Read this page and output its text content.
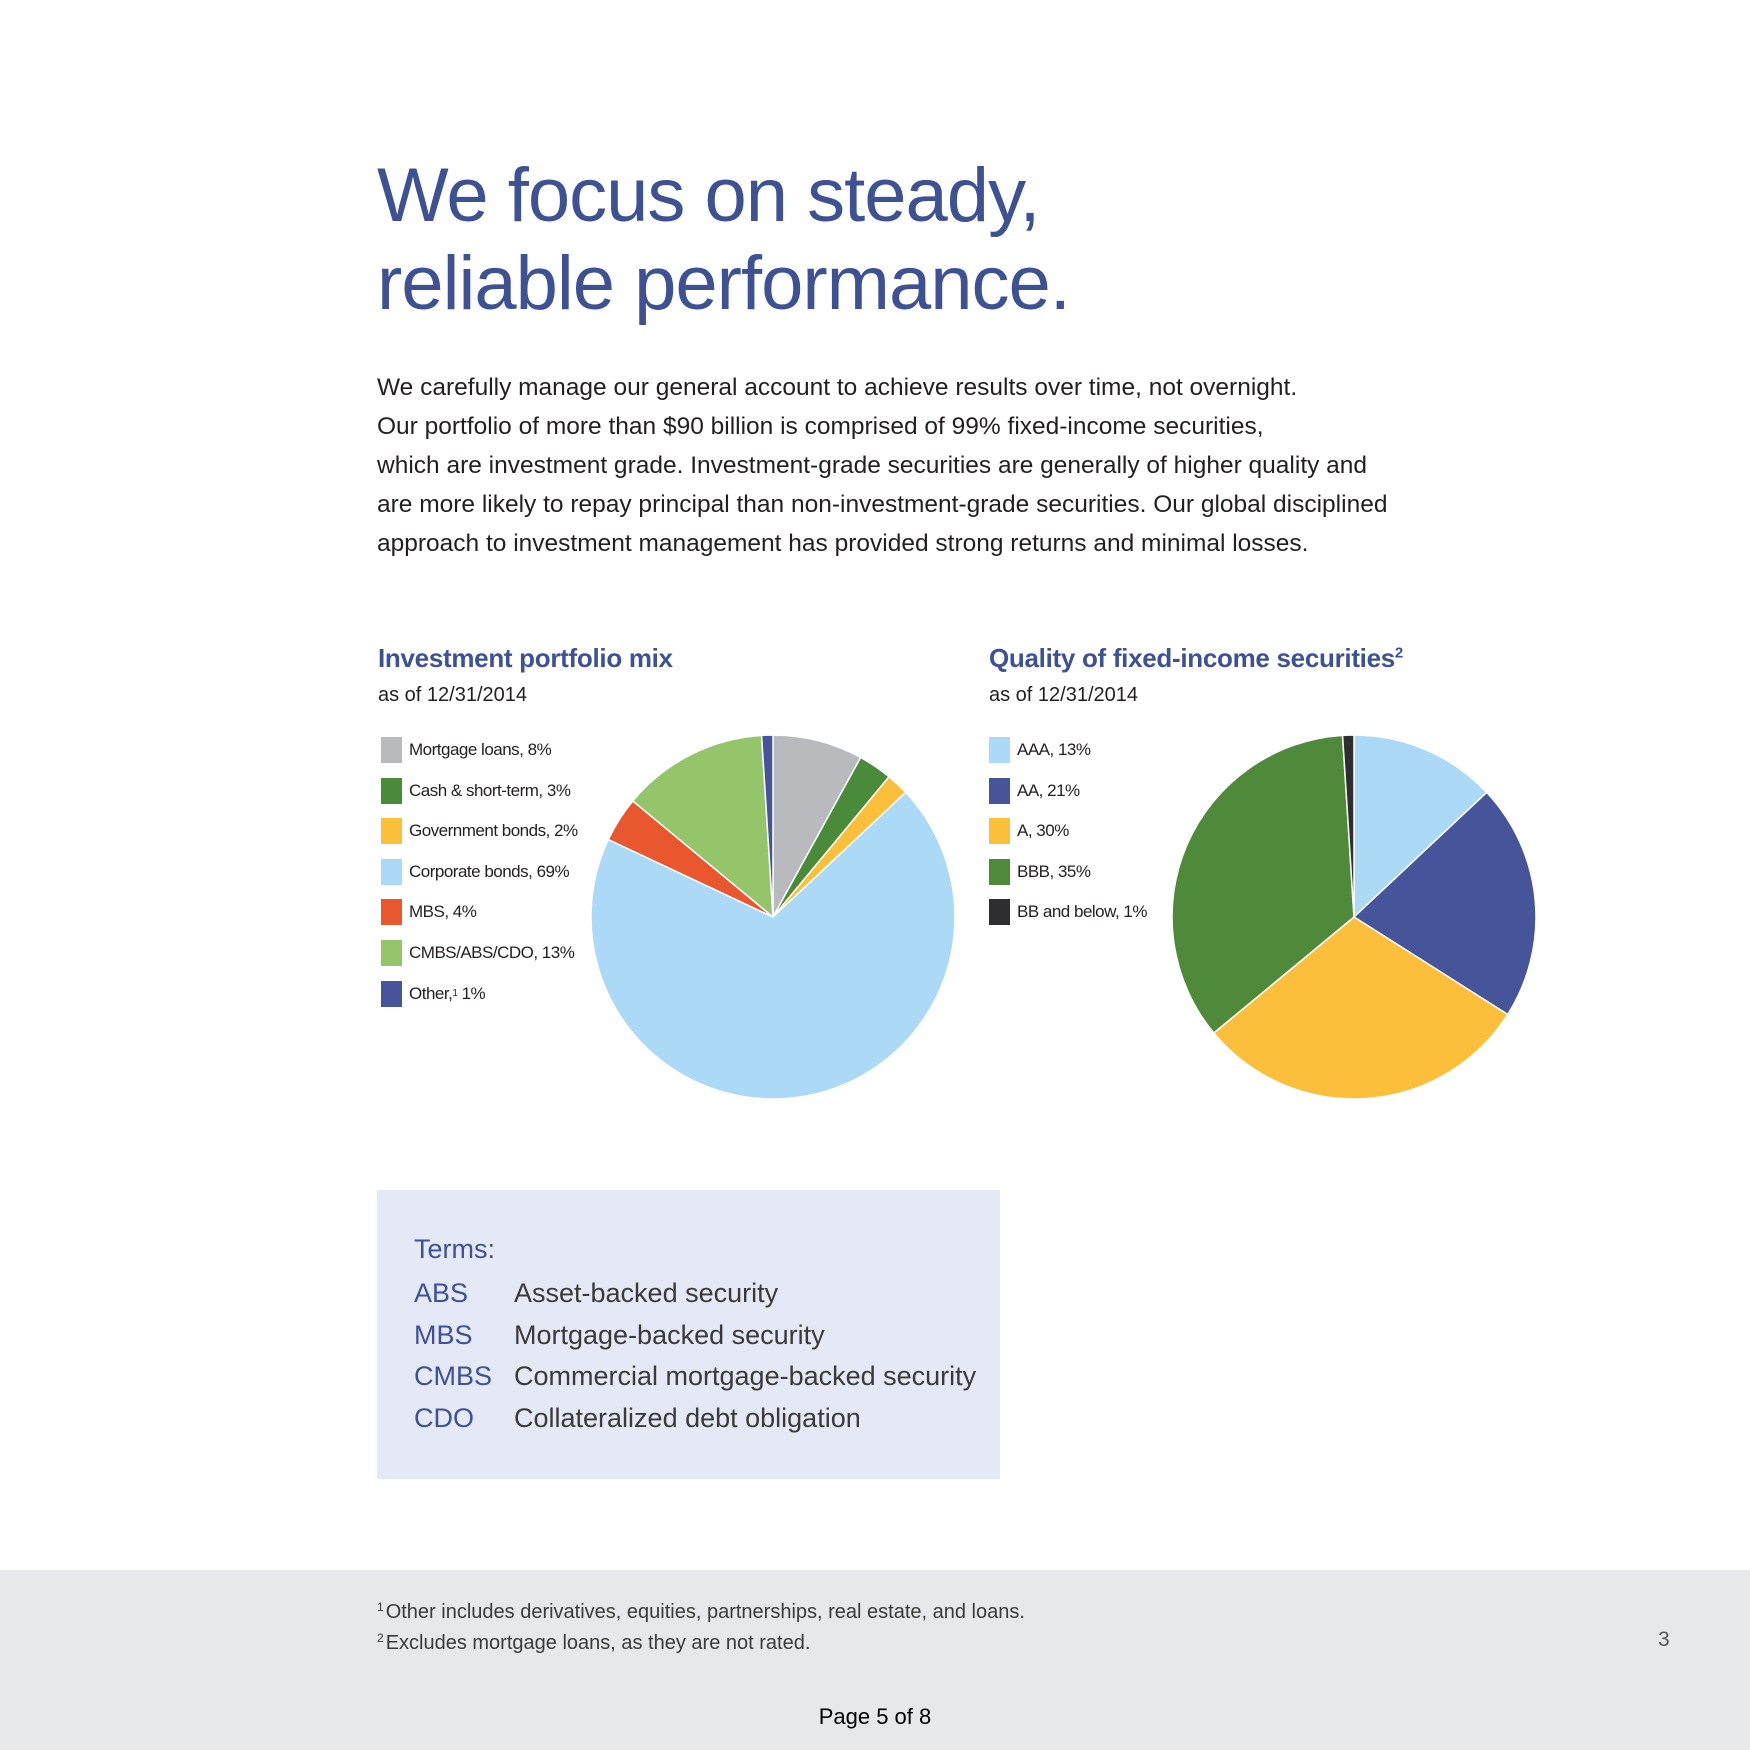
We focus on steady,
reliable performance.

We carefully manage our general account to achieve results over time, not overnight.
Our portfolio of more than $90 billion is comprised of 99% fixed-income securities,
which are investment grade. Investment-grade securities are generally of higher quality and
are more likely to repay principal than non-investment-grade securities. Our global disciplined
approach to investment management has provided strong returns and minimal losses.

Investment portfolio mix

as of 12/31/2014

Mortgage loans, 8%
Cash & short-term, 3%
Government bonds, 2%
Corporate bonds, 69%
MBS, 4%
CMBS/ABS/CDO, 13%
Other, 1 1%
Quality of fixed-income securities$^2$

as of 12/31/2014

AAA, 13%
AA, 21%
A, 30%
BBB, 35%
BB and below, 1%
Terms:
ABS Asset-backed security
MBS Mortgage-backed security
CMBS Commercial mortgage-backed security
CDO Collateralized debt obligation
$^1$ Other includes derivatives, equities, partnerships, real estate, and loans.
$^2$ Excludes mortgage loans, as they are not rated.	3
Page 5 of 8
